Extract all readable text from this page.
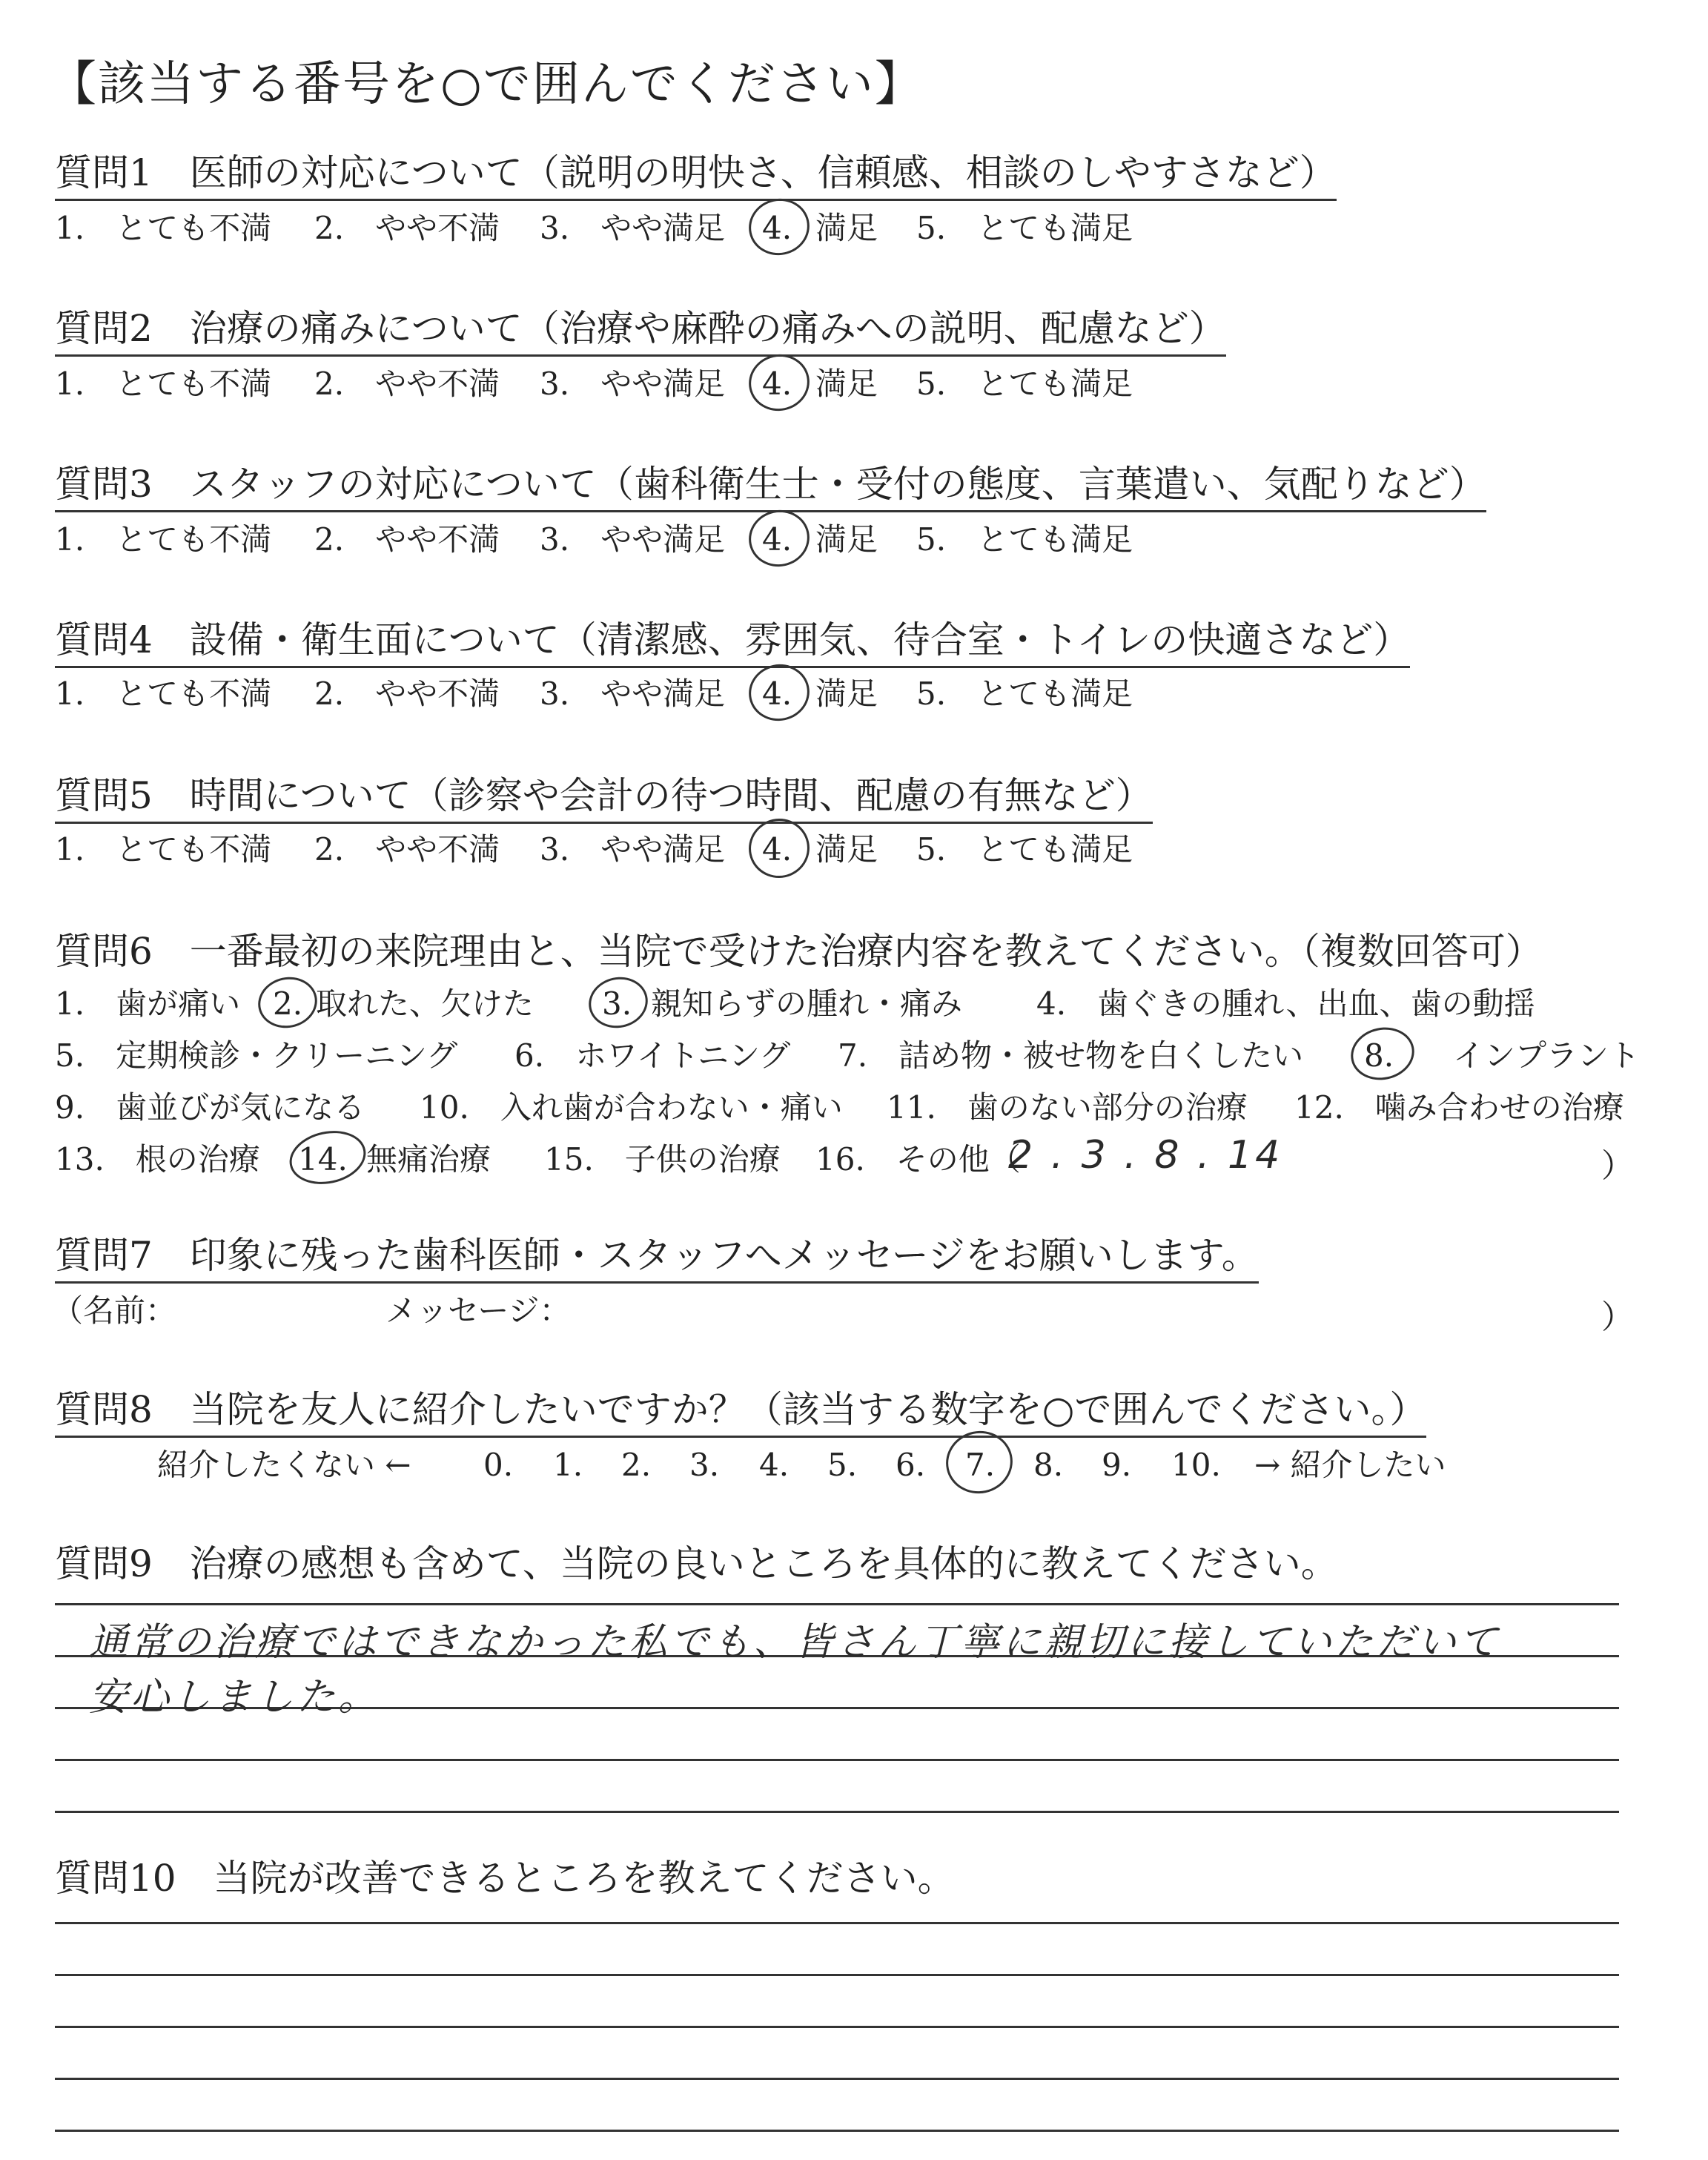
【該当する番号を○で囲んでください】
質問1　医師の対応について（説明の明快さ、信頼感、相談のしやすさなど）
1.　とても不満 2.　やや不満 3.　やや満足 4. 満足 5.　とても満足
質問2　治療の痛みについて（治療や麻酔の痛みへの説明、配慮など）
1.　とても不満 2.　やや不満 3.　やや満足 4. 満足 5.　とても満足
質問3　スタッフの対応について（歯科衛生士・受付の態度、言葉遣い、気配りなど）
1.　とても不満 2.　やや不満 3.　やや満足 4. 満足 5.　とても満足
質問4　設備・衛生面について（清潔感、雰囲気、待合室・トイレの快適さなど）
1.　とても不満 2.　やや不満 3.　やや満足 4. 満足 5.　とても満足
質問5　時間について（診察や会計の待つ時間、配慮の有無など）
1.　とても不満 2.　やや不満 3.　やや満足 4. 満足 5.　とても満足
質問6　一番最初の来院理由と、当院で受けた治療内容を教えてください。（複数回答可）
1.　歯が痛い 2. 取れた、欠けた 3. 親知らずの腫れ・痛み 4.　歯ぐきの腫れ、出血、歯の動揺
5.　定期検診・クリーニング 6.　ホワイトニング 7.　詰め物・被せ物を白くしたい 8. インプラント
9.　歯並びが気になる 10.　入れ歯が合わない・痛い 11.　歯のない部分の治療 12.　噛み合わせの治療
13.　根の治療 14. 無痛治療 15.　子供の治療 16.　その他（
2 . 3 . 8 . 14	）
質問7　印象に残った歯科医師・スタッフへメッセージをお願いします。
（名前：	メッセージ：	）
質問8　当院を友人に紹介したいですか？（該当する数字を○で囲んでください。）
紹介したくない ← 0. 1. 2. 3. 4. 5. 6. 7. 8. 9. 10. → 紹介したい
質問9　治療の感想も含めて、当院の良いところを具体的に教えてください。
通常の治療ではできなかった私でも、皆さん丁寧に親切に接していただいて
安心しました。
質問10　当院が改善できるところを教えてください。
